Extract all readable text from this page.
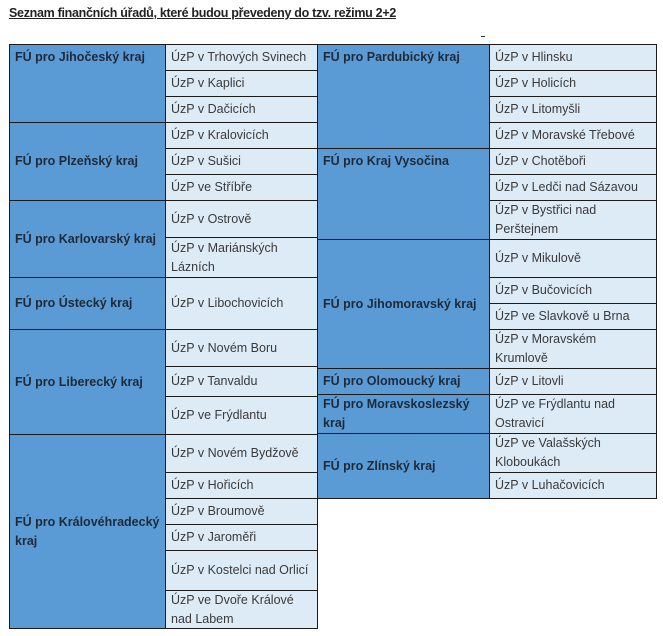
Seznam finančních úřadů, které budou převedeny do tzv. režimu 2+2
FÚ pro Jihočeský kraj
FÚ pro Plzeňský kraj
FÚ pro Karlovarský kraj
FÚ pro Ústecký kraj
FÚ pro Liberecký kraj
FÚ pro Královéhradecký kraj
ÚzP v Trhových Svinech
ÚzP v Kaplici
ÚzP v Dačicích
ÚzP v Kralovicích
ÚzP v Sušici
ÚzP ve Stříbře
ÚzP v Ostrově
ÚzP v Mariánských Lázních
ÚzP v Libochovicích
ÚzP v Novém Boru
ÚzP v Tanvaldu
ÚzP ve Frýdlantu
ÚzP v Novém Bydžově
ÚzP v Hořicích
ÚzP v Broumově
ÚzP v Jaroměři
ÚzP v Kostelci nad Orlicí
ÚzP ve Dvoře Králové nad Labem
FÚ pro Pardubický kraj
FÚ pro Kraj Vysočina
FÚ pro Jihomoravský kraj
FÚ pro Olomoucký kraj
FÚ pro Moravskoslezský kraj
FÚ pro Zlínský kraj
ÚzP v Hlinsku
ÚzP v Holicích
ÚzP v Litomyšli
ÚzP v Moravské Třebové
ÚzP v Chotěboři
ÚzP v Ledči nad Sázavou
ÚzP v Bystřici nad Perštejnem
ÚzP v Mikulově
ÚzP v Bučovicích
ÚzP ve Slavkově u Brna
ÚzP v Moravském Krumlově
ÚzP v Litovli
ÚzP ve Frýdlantu nad Ostravicí
ÚzP ve Valašských Kloboukách
ÚzP v Luhačovicích
